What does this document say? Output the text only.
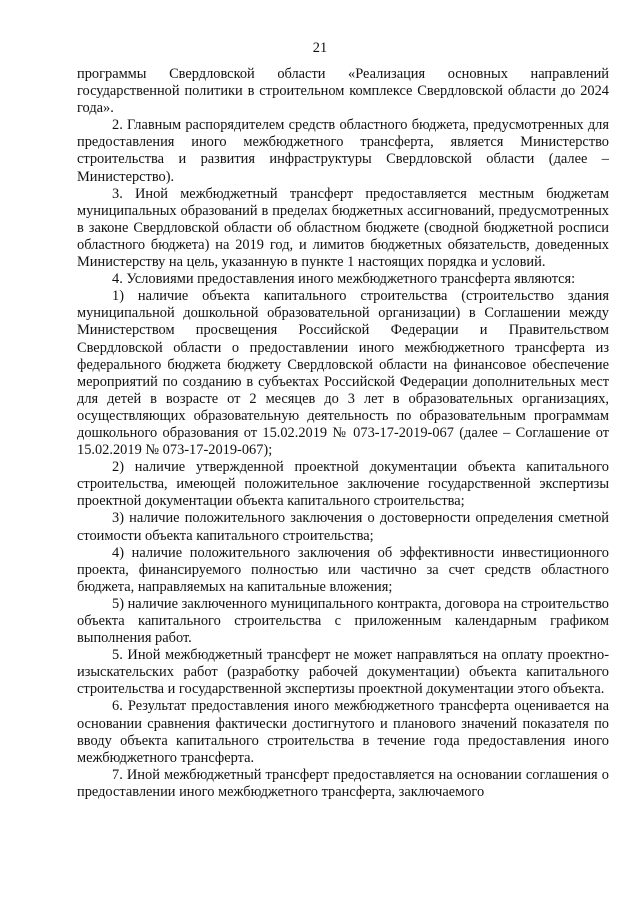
21

программы Свердловской области «Реализация основных направлений государственной политики в строительном комплексе Свердловской области до 2024 года».

2. Главным распорядителем средств областного бюджета, предусмотренных для предоставления иного межбюджетного трансферта, является Министерство строительства и развития инфраструктуры Свердловской области (далее – Министерство).

3. Иной межбюджетный трансферт предоставляется местным бюджетам муниципальных образований в пределах бюджетных ассигнований, предусмотренных в законе Свердловской области об областном бюджете (сводной бюджетной росписи областного бюджета) на 2019 год, и лимитов бюджетных обязательств, доведенных Министерству на цель, указанную в пункте 1 настоящих порядка и условий.

4. Условиями предоставления иного межбюджетного трансферта являются:

1) наличие объекта капитального строительства (строительство здания муниципальной дошкольной образовательной организации) в Соглашении между Министерством просвещения Российской Федерации и Правительством Свердловской области о предоставлении иного межбюджетного трансферта из федерального бюджета бюджету Свердловской области на финансовое обеспечение мероприятий по созданию в субъектах Российской Федерации дополнительных мест для детей в возрасте от 2 месяцев до 3 лет в образовательных организациях, осуществляющих образовательную деятельность по образовательным программам дошкольного образования от 15.02.2019 № 073-17-2019-067 (далее – Соглашение от 15.02.2019 № 073-17-2019-067);

2) наличие утвержденной проектной документации объекта капитального строительства, имеющей положительное заключение государственной экспертизы проектной документации объекта капитального строительства;

3) наличие положительного заключения о достоверности определения сметной стоимости объекта капитального строительства;

4) наличие положительного заключения об эффективности инвестиционного проекта, финансируемого полностью или частично за счет средств областного бюджета, направляемых на капитальные вложения;

5) наличие заключенного муниципального контракта, договора на строительство объекта капитального строительства с приложенным календарным графиком выполнения работ.

5. Иной межбюджетный трансферт не может направляться на оплату проектно-изыскательских работ (разработку рабочей документации) объекта капитального строительства и государственной экспертизы проектной документации этого объекта.

6. Результат предоставления иного межбюджетного трансферта оценивается на основании сравнения фактически достигнутого и планового значений показателя по вводу объекта капитального строительства в течение года предоставления иного межбюджетного трансферта.

7. Иной межбюджетный трансферт предоставляется на основании соглашения о предоставлении иного межбюджетного трансферта, заключаемого
